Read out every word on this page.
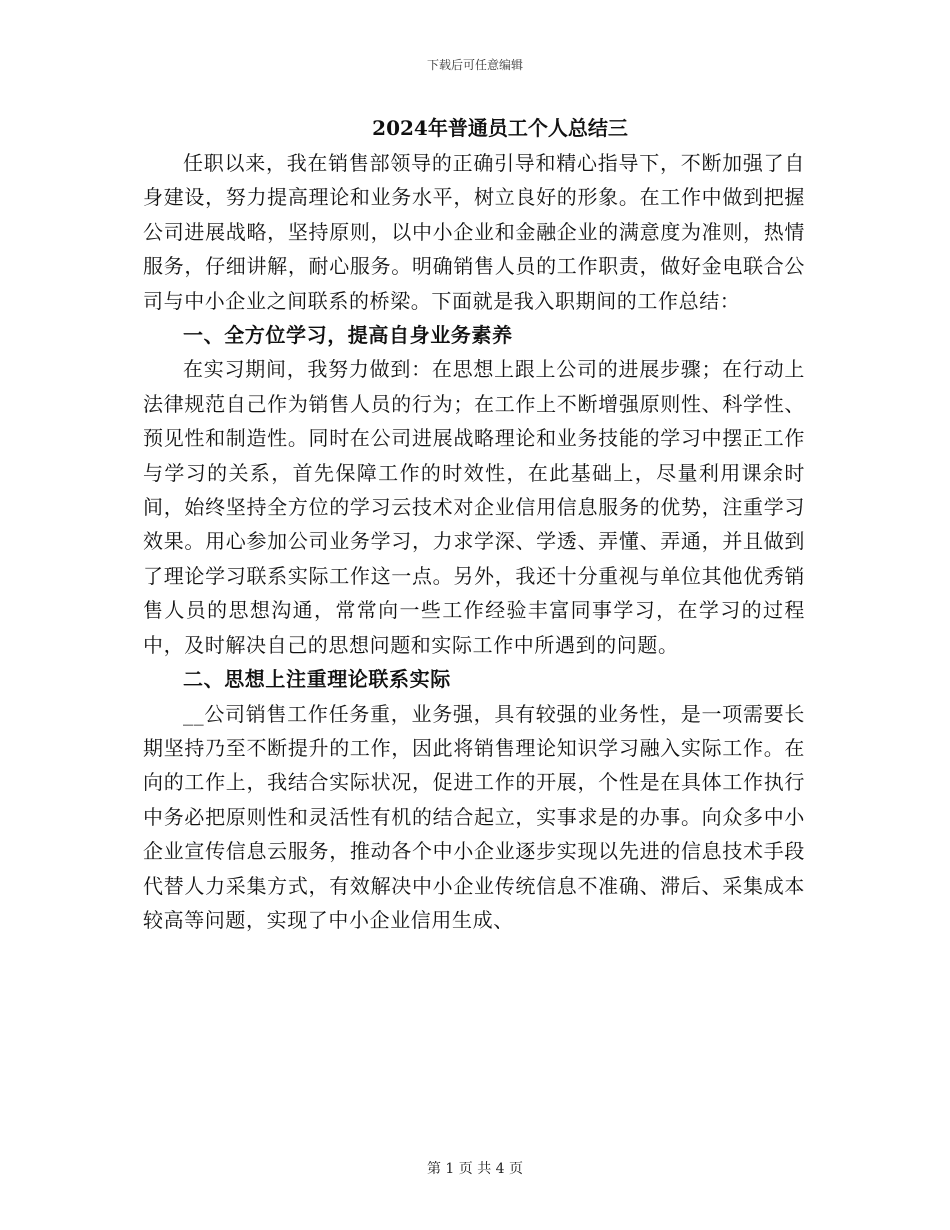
下载后可任意编辑
2024年普通员工个人总结三

任职以来，我在销售部领导的正确引导和精心指导下，不断加强了自身建设，努力提高理论和业务水平，树立良好的形象。在工作中做到把握公司进展战略，坚持原则，以中小企业和金融企业的满意度为准则，热情服务，仔细讲解，耐心服务。明确销售人员的工作职责，做好金电联合公司与中小企业之间联系的桥梁。下面就是我入职期间的工作总结：

一、全方位学习，提高自身业务素养

在实习期间，我努力做到：在思想上跟上公司的进展步骤；在行动上法律规范自己作为销售人员的行为；在工作上不断增强原则性、科学性、预见性和制造性。同时在公司进展战略理论和业务技能的学习中摆正工作与学习的关系，首先保障工作的时效性，在此基础上，尽量利用课余时间，始终坚持全方位的学习云技术对企业信用信息服务的优势，注重学习效果。用心参加公司业务学习，力求学深、学透、弄懂、弄通，并且做到了理论学习联系实际工作这一点。另外，我还十分重视与单位其他优秀销售人员的思想沟通，常常向一些工作经验丰富同事学习，在学习的过程中，及时解决自己的思想问题和实际工作中所遇到的问题。

二、思想上注重理论联系实际

__公司销售工作任务重，业务强，具有较强的业务性，是一项需要长期坚持乃至不断提升的工作，因此将销售理论知识学习融入实际工作。在向的工作上，我结合实际状况，促进工作的开展，个性是在具体工作执行中务必把原则性和灵活性有机的结合起立，实事求是的办事。向众多中小企业宣传信息云服务，推动各个中小企业逐步实现以先进的信息技术手段代替人力采集方式，有效解决中小企业传统信息不准确、滞后、采集成本较高等问题，实现了中小企业信用生成、

第 1 页 共 4 页
